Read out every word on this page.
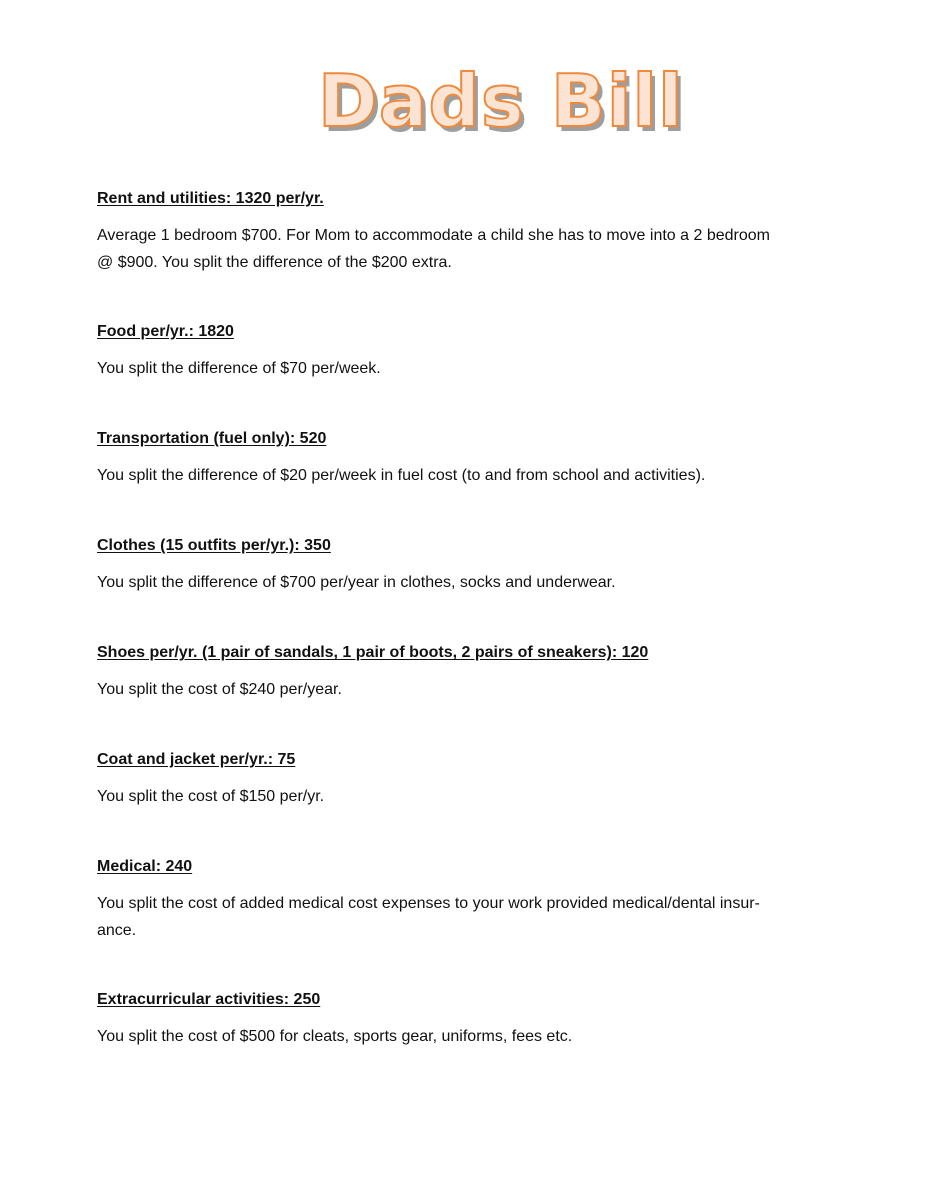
Dads Bill

Rent and utilities: 1320 per/yr.

Average 1 bedroom $700. For Mom to accommodate a child she has to move into a 2 bedroom
@ $900. You split the difference of the $200 extra.

Food per/yr.: 1820

You split the difference of $70 per/week.

Transportation (fuel only): 520

You split the difference of $20 per/week in fuel cost (to and from school and activities).

Clothes (15 outfits per/yr.): 350

You split the difference of $700 per/year in clothes, socks and underwear.

Shoes per/yr. (1 pair of sandals, 1 pair of boots, 2 pairs of sneakers): 120

You split the cost of $240 per/year.

Coat and jacket per/yr.: 75

You split the cost of $150 per/yr.

Medical: 240

You split the cost of added medical cost expenses to your work provided medical/dental insur-
ance.

Extracurricular activities: 250

You split the cost of $500 for cleats, sports gear, uniforms, fees etc.
